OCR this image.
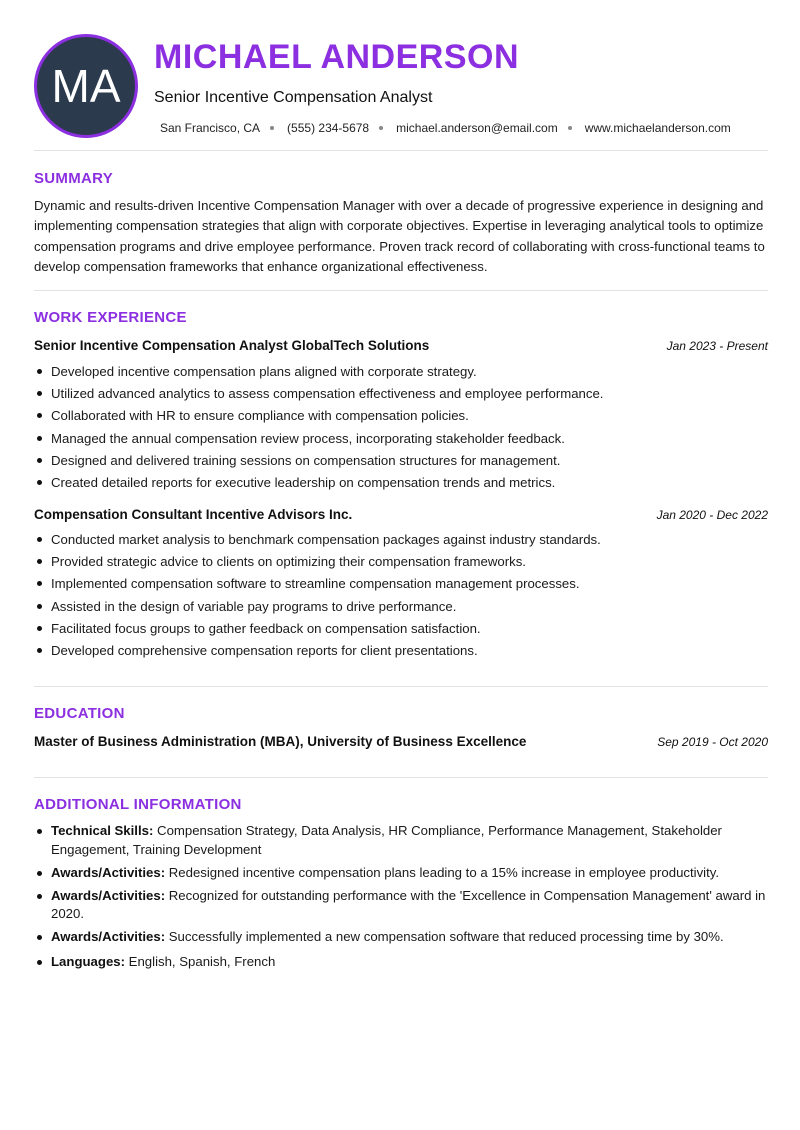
MA
MICHAEL ANDERSON
Senior Incentive Compensation Analyst
San Francisco, CA (555) 234-5678 michael.anderson@email.com www.michaelanderson.com
SUMMARY

Dynamic and results-driven Incentive Compensation Manager with over a decade of progressive experience in designing and implementing compensation strategies that align with corporate objectives. Expertise in leveraging analytical tools to optimize compensation programs and drive employee performance. Proven track record of collaborating with cross-functional teams to develop compensation frameworks that enhance organizational effectiveness.

WORK EXPERIENCE
Senior Incentive Compensation Analyst GlobalTech Solutions	Jan 2023 - Present
Developed incentive compensation plans aligned with corporate strategy.
Utilized advanced analytics to assess compensation effectiveness and employee performance.
Collaborated with HR to ensure compliance with compensation policies.
Managed the annual compensation review process, incorporating stakeholder feedback.
Designed and delivered training sessions on compensation structures for management.
Created detailed reports for executive leadership on compensation trends and metrics.
Compensation Consultant Incentive Advisors Inc.	Jan 2020 - Dec 2022
Conducted market analysis to benchmark compensation packages against industry standards.
Provided strategic advice to clients on optimizing their compensation frameworks.
Implemented compensation software to streamline compensation management processes.
Assisted in the design of variable pay programs to drive performance.
Facilitated focus groups to gather feedback on compensation satisfaction.
Developed comprehensive compensation reports for client presentations.
EDUCATION
Master of Business Administration (MBA), University of Business Excellence	Sep 2019 - Oct 2020
ADDITIONAL INFORMATION
Technical Skills: Compensation Strategy, Data Analysis, HR Compliance, Performance Management, Stakeholder Engagement, Training Development
Awards/Activities: Redesigned incentive compensation plans leading to a 15% increase in employee productivity.
Awards/Activities: Recognized for outstanding performance with the 'Excellence in Compensation Management' award in 2020.
Awards/Activities: Successfully implemented a new compensation software that reduced processing time by 30%.
Languages: English, Spanish, French
